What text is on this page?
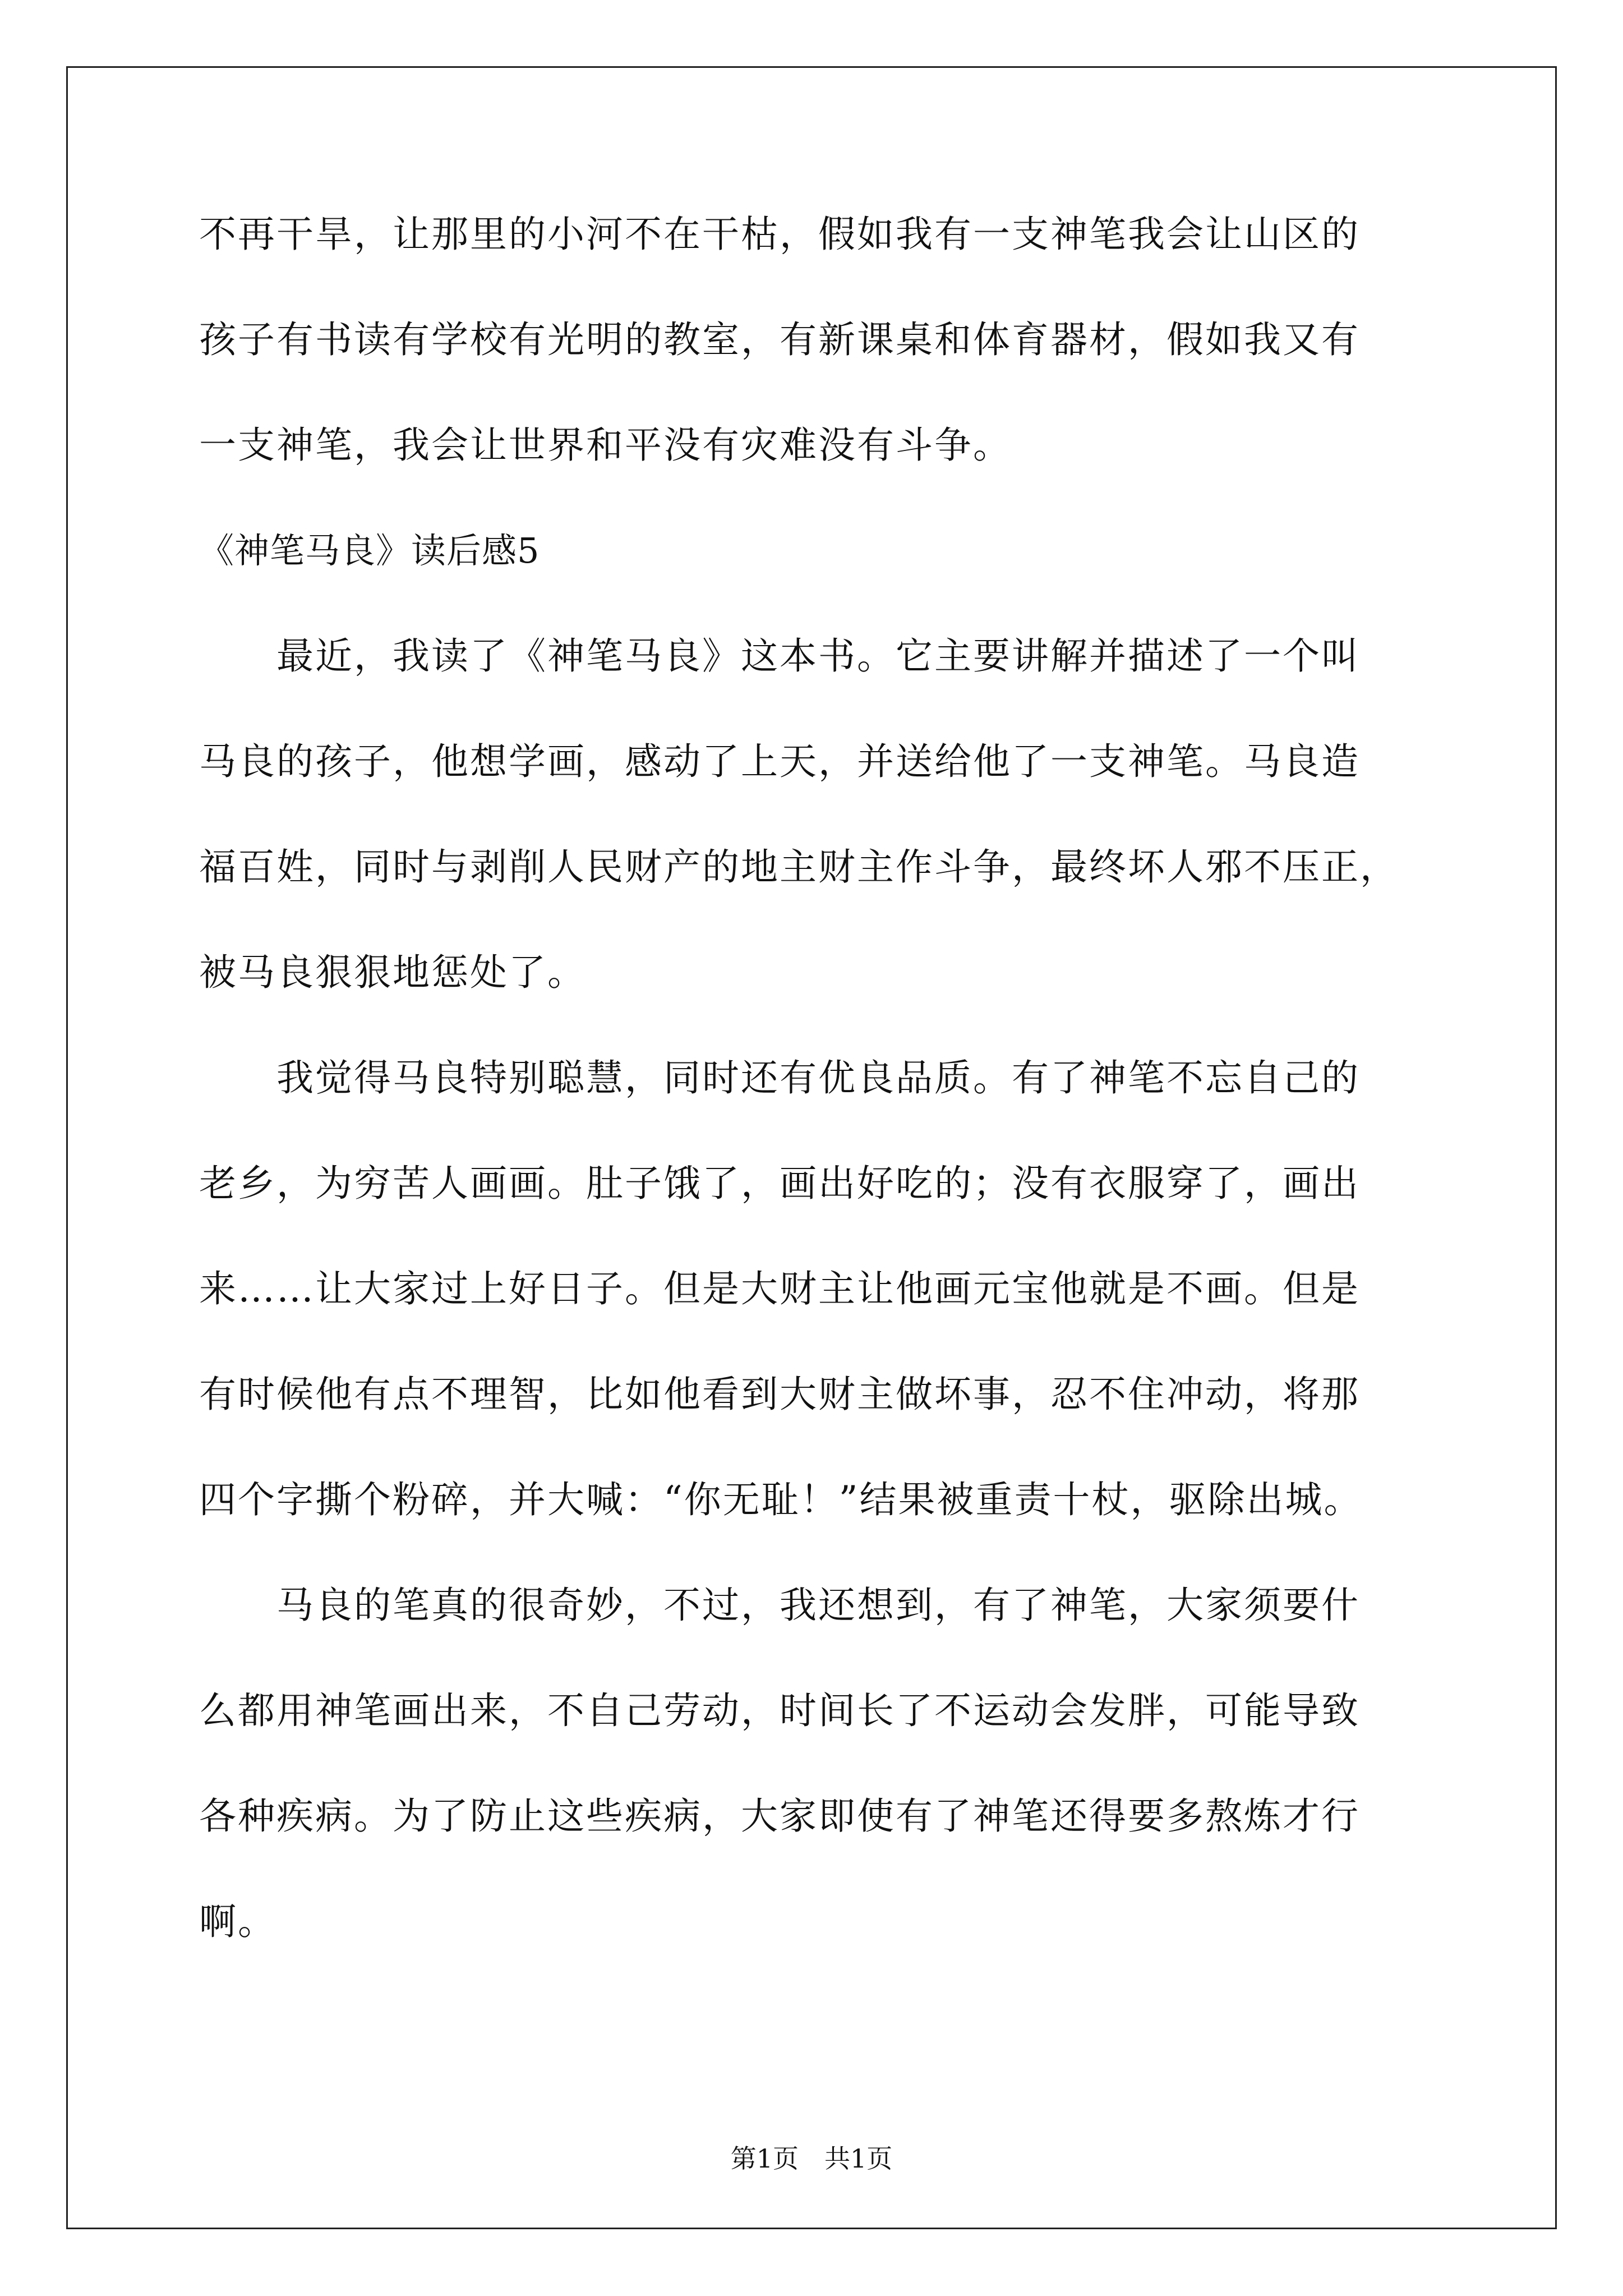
不再干旱，让那里的小河不在干枯，假如我有一支神笔我会让山区的
孩子有书读有学校有光明的教室，有新课桌和体育器材，假如我又有
一支神笔，我会让世界和平没有灾难没有斗争。
《神笔马良》读后感5
　　最近，我读了《神笔马良》这本书。它主要讲解并描述了一个叫
马良的孩子，他想学画，感动了上天，并送给他了一支神笔。马良造
福百姓，同时与剥削人民财产的地主财主作斗争，最终坏人邪不压正，
被马良狠狠地惩处了。
　　我觉得马良特别聪慧，同时还有优良品质。有了神笔不忘自己的
老乡，为穷苦人画画。肚子饿了，画出好吃的；没有衣服穿了，画出
来……让大家过上好日子。但是大财主让他画元宝他就是不画。但是
有时候他有点不理智，比如他看到大财主做坏事，忍不住冲动，将那
四个字撕个粉碎，并大喊：“你无耻！”结果被重责十杖，驱除出城。
　　马良的笔真的很奇妙，不过，我还想到，有了神笔，大家须要什
么都用神笔画出来，不自己劳动，时间长了不运动会发胖，可能导致
各种疾病。为了防止这些疾病，大家即使有了神笔还得要多熬炼才行
啊。
第1页　共1页
